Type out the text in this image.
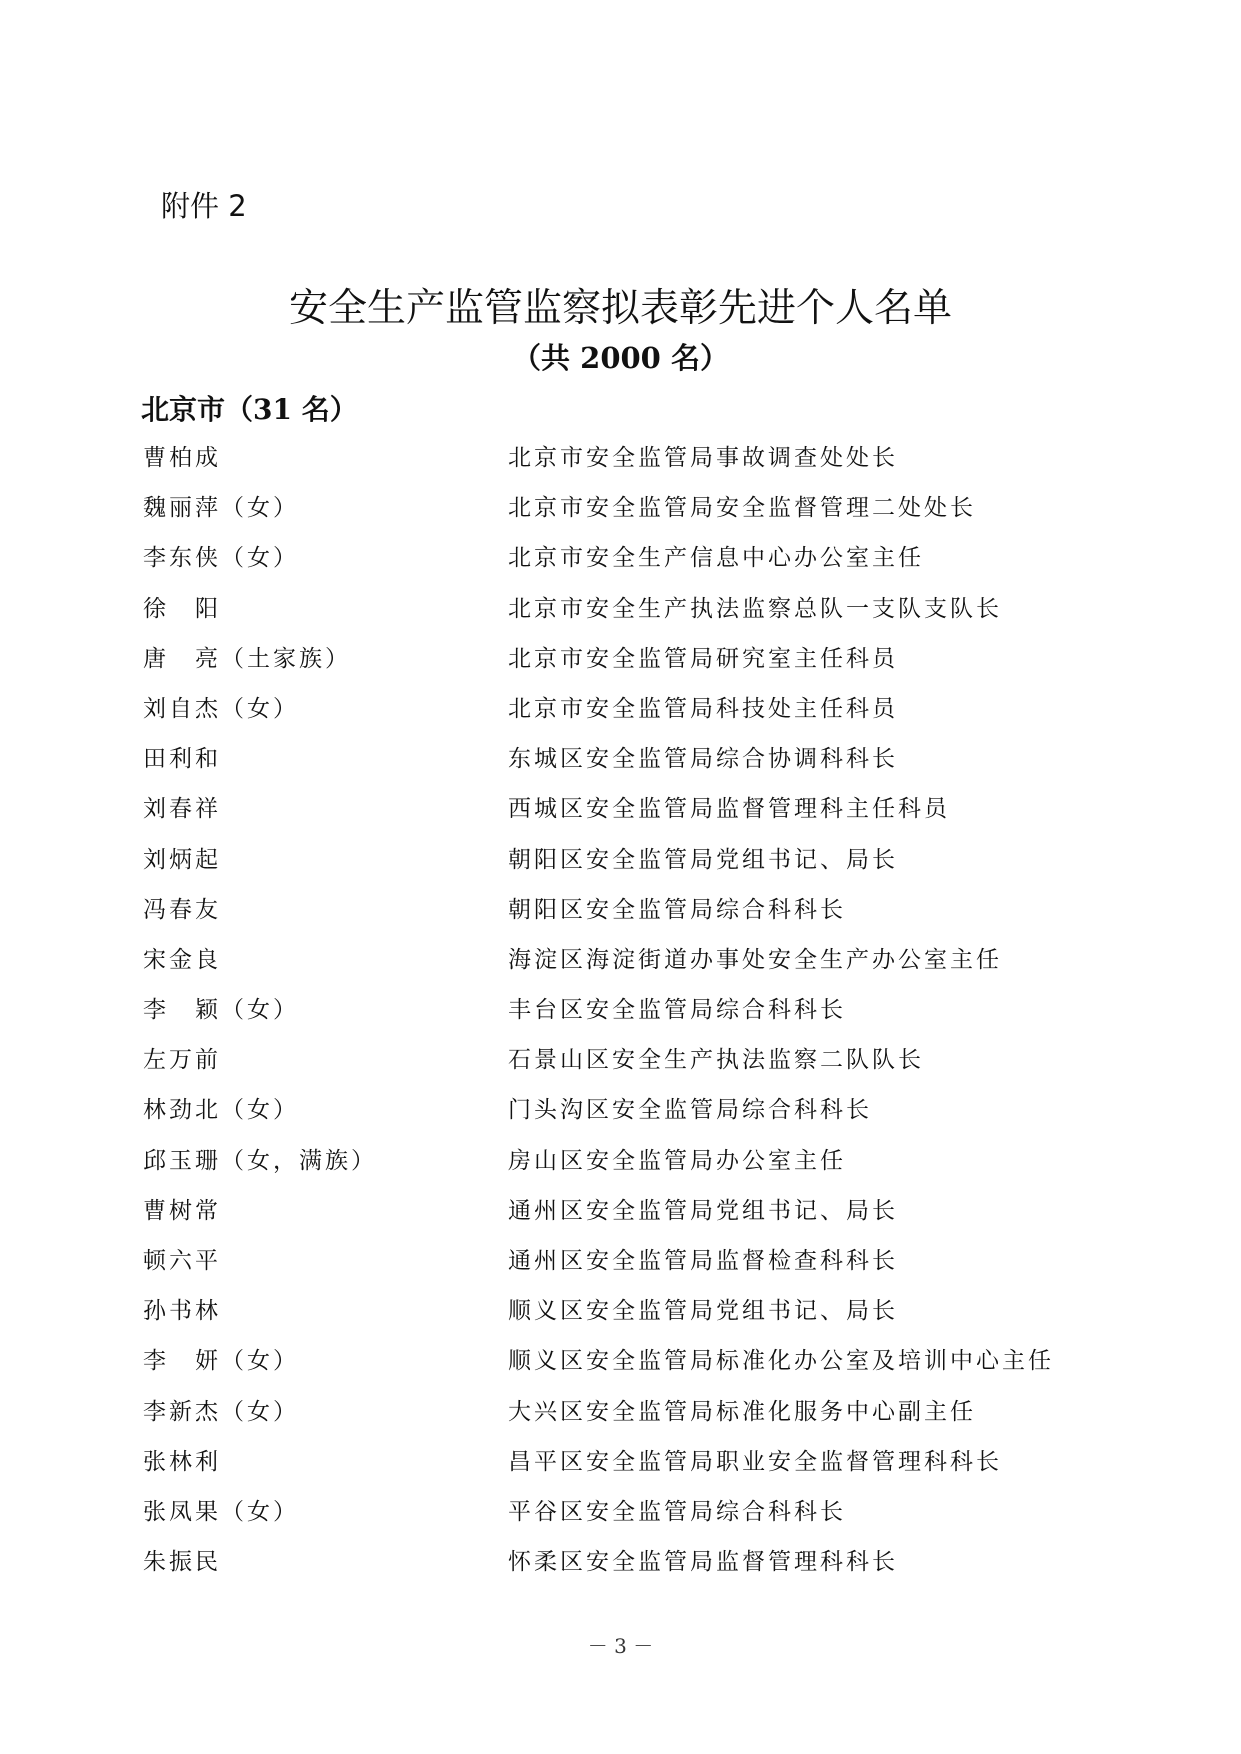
附件 2
安全生产监管监察拟表彰先进个人名单
（共 2000 名）
北京市（31 名）
曹柏成	北京市安全监管局事故调查处处长
魏丽萍（女）	北京市安全监管局安全监督管理二处处长
李东侠（女）	北京市安全生产信息中心办公室主任
徐　阳	北京市安全生产执法监察总队一支队支队长
唐　亮（土家族）	北京市安全监管局研究室主任科员
刘自杰（女）	北京市安全监管局科技处主任科员
田利和	东城区安全监管局综合协调科科长
刘春祥	西城区安全监管局监督管理科主任科员
刘炳起	朝阳区安全监管局党组书记、局长
冯春友	朝阳区安全监管局综合科科长
宋金良	海淀区海淀街道办事处安全生产办公室主任
李　颖（女）	丰台区安全监管局综合科科长
左万前	石景山区安全生产执法监察二队队长
林劲北（女）	门头沟区安全监管局综合科科长
邱玉珊（女，满族）	房山区安全监管局办公室主任
曹树常	通州区安全监管局党组书记、局长
顿六平	通州区安全监管局监督检查科科长
孙书林	顺义区安全监管局党组书记、局长
李　妍（女）	顺义区安全监管局标准化办公室及培训中心主任
李新杰（女）	大兴区安全监管局标准化服务中心副主任
张林利	昌平区安全监管局职业安全监督管理科科长
张凤果（女）	平谷区安全监管局综合科科长
朱振民	怀柔区安全监管局监督管理科科长
－ 3 －
